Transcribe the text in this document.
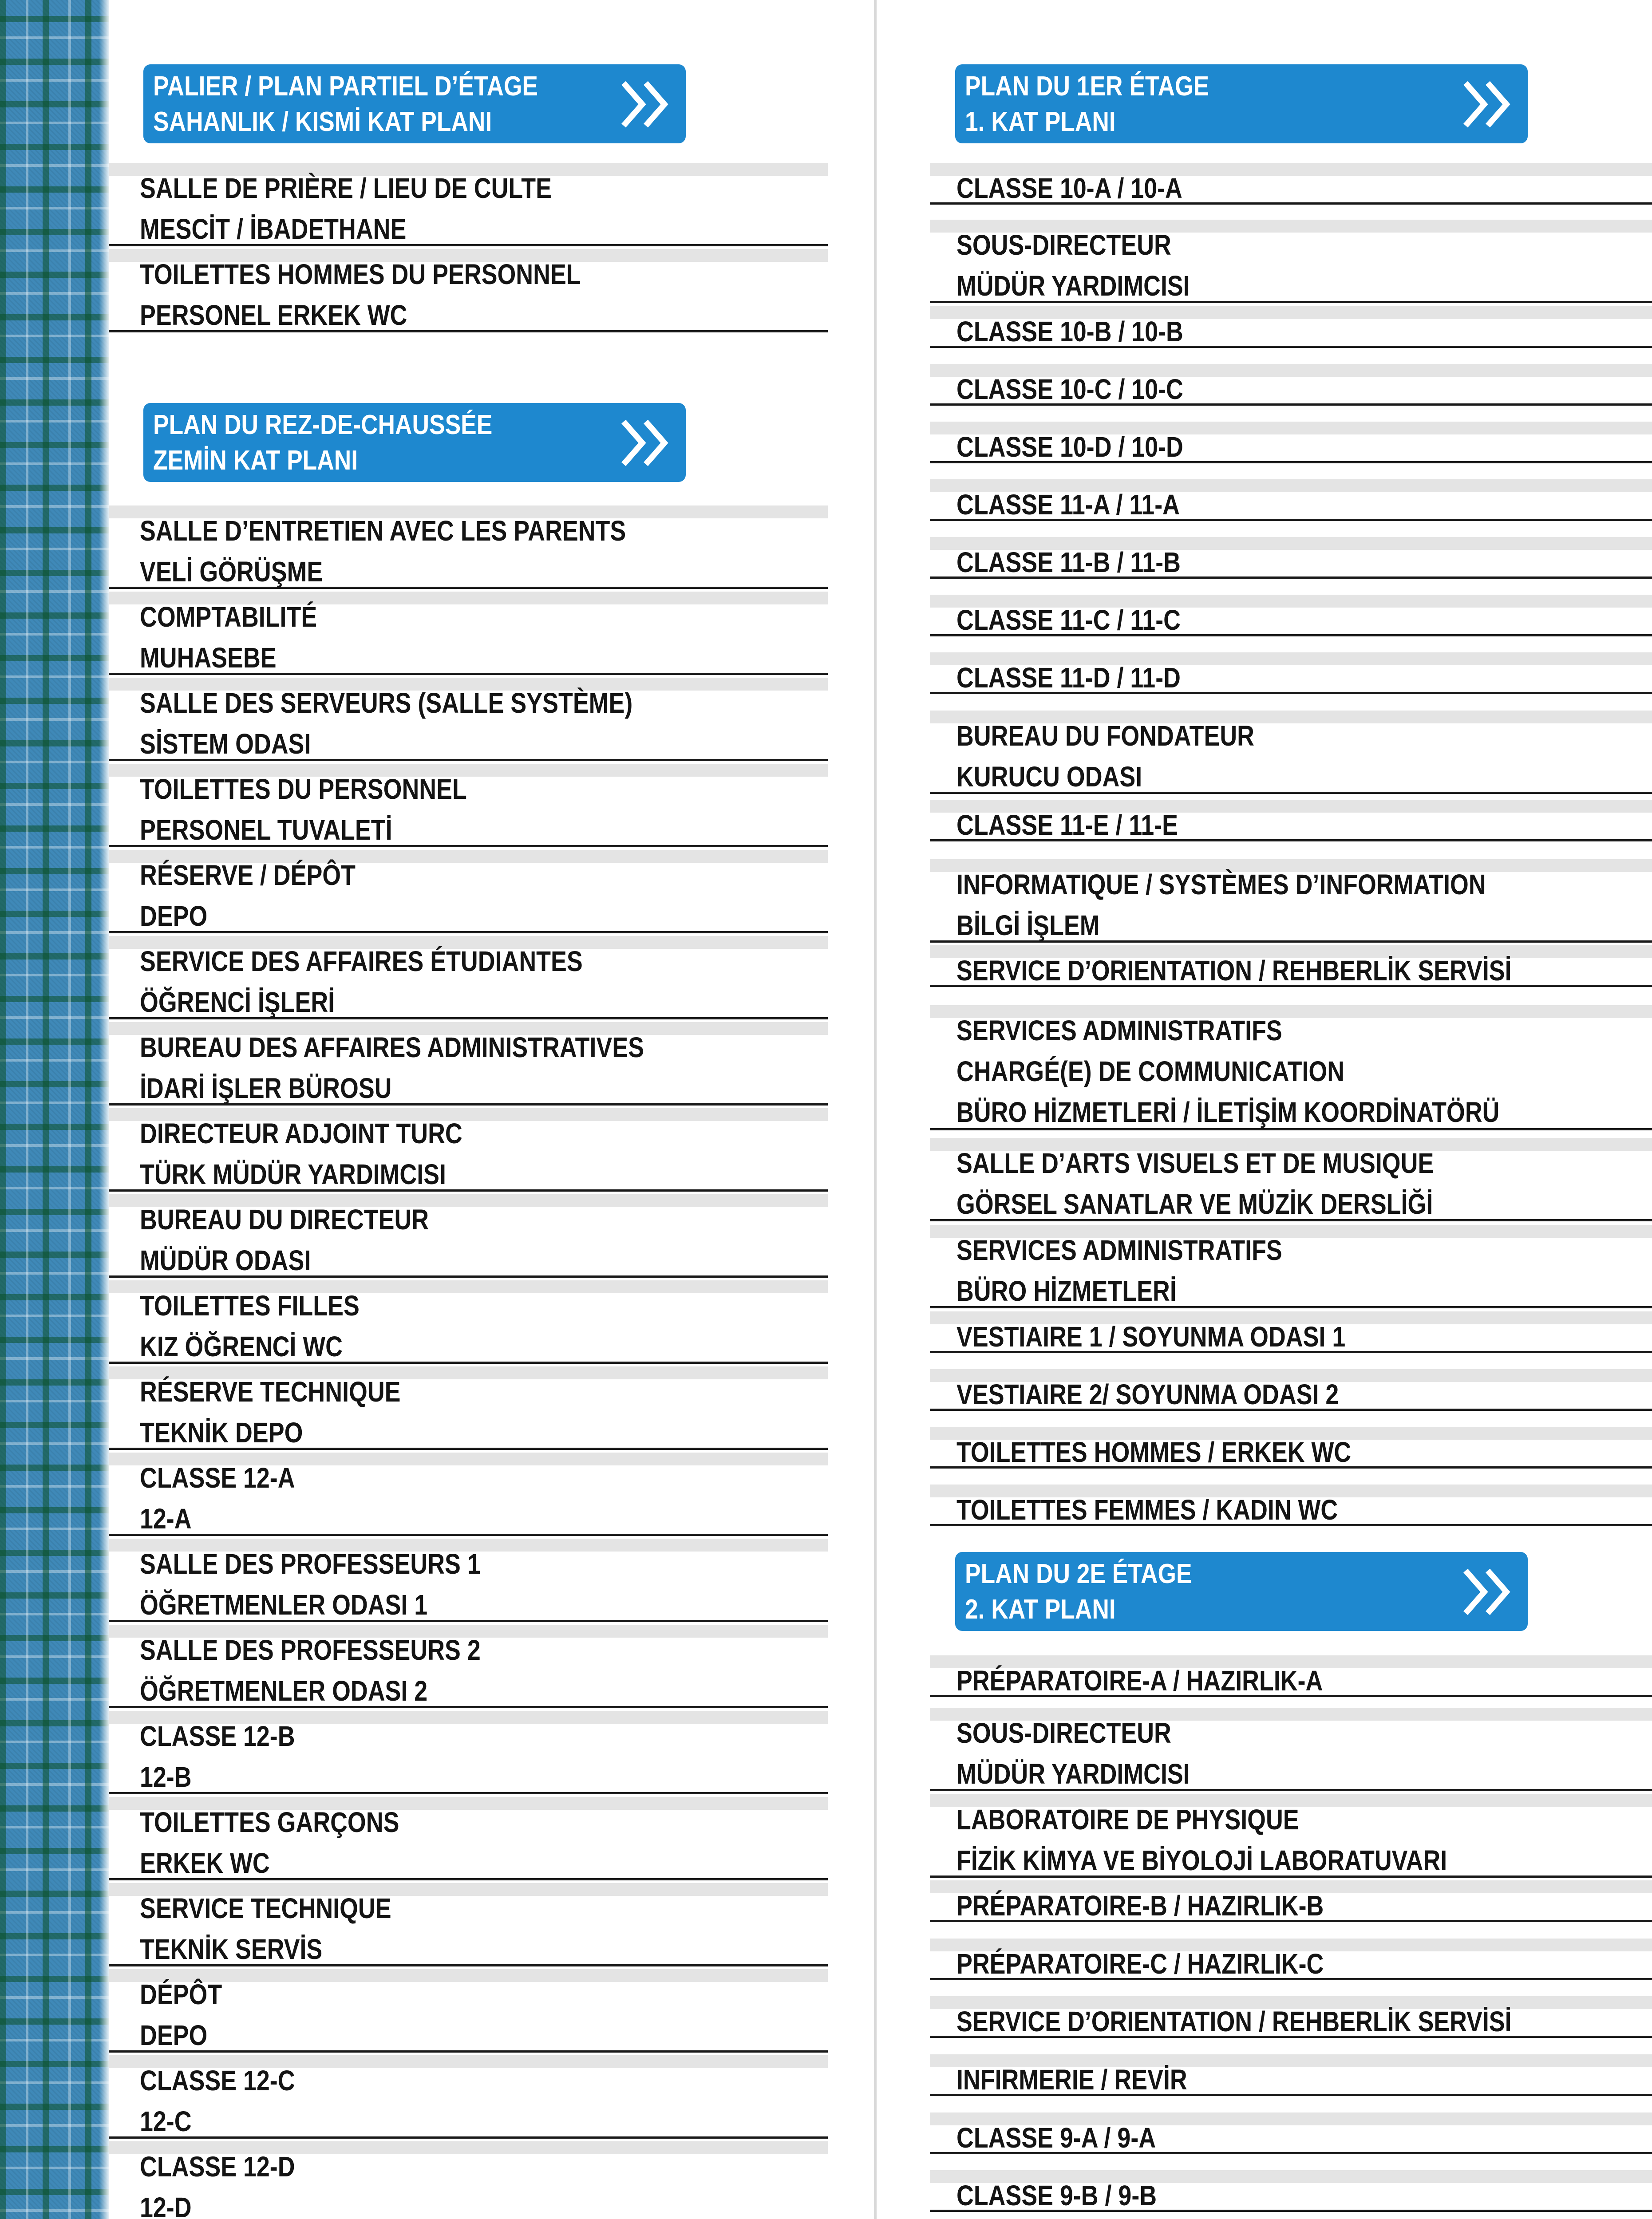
PALIER / PLAN PARTIEL D’ÉTAGE
SAHANLIK / KISMİ KAT PLANI
SALLE DE PRIÈRE / LIEU DE CULTE
MESCİT / İBADETHANE
TOILETTES HOMMES DU PERSONNEL
PERSONEL ERKEK WC
PLAN DU REZ-DE-CHAUSSÉE
ZEMİN KAT PLANI
SALLE D’ENTRETIEN AVEC LES PARENTS
VELİ GÖRÜŞME
COMPTABILITÉ
MUHASEBE
SALLE DES SERVEURS (SALLE SYSTÈME)
SİSTEM ODASI
TOILETTES DU PERSONNEL
PERSONEL TUVALETİ
RÉSERVE / DÉPÔT
DEPO
SERVICE DES AFFAIRES ÉTUDIANTES
ÖĞRENCİ İŞLERİ
BUREAU DES AFFAIRES ADMINISTRATIVES
İDARİ İŞLER BÜROSU
DIRECTEUR ADJOINT TURC
TÜRK MÜDÜR YARDIMCISI
BUREAU DU DIRECTEUR
MÜDÜR ODASI
TOILETTES FILLES
KIZ ÖĞRENCİ WC
RÉSERVE TECHNIQUE
TEKNİK DEPO
CLASSE 12-A
12-A
SALLE DES PROFESSEURS 1
ÖĞRETMENLER ODASI 1
SALLE DES PROFESSEURS 2
ÖĞRETMENLER ODASI 2
CLASSE 12-B
12-B
TOILETTES GARÇONS
ERKEK WC
SERVICE TECHNIQUE
TEKNİK SERVİS
DÉPÔT
DEPO
CLASSE 12-C
12-C
CLASSE 12-D
12-D
PLAN DU 1ER ÉTAGE
1. KAT PLANI
CLASSE 10-A / 10-A
SOUS-DIRECTEUR
MÜDÜR YARDIMCISI
CLASSE 10-B / 10-B
CLASSE 10-C / 10-C
CLASSE 10-D / 10-D
CLASSE 11-A / 11-A
CLASSE 11-B / 11-B
CLASSE 11-C / 11-C
CLASSE 11-D / 11-D
BUREAU DU FONDATEUR
KURUCU ODASI
CLASSE 11-E / 11-E
INFORMATIQUE / SYSTÈMES D’INFORMATION
BİLGİ İŞLEM
SERVICE D’ORIENTATION / REHBERLİK SERVİSİ
SERVICES ADMINISTRATIFS
CHARGÉ(E) DE COMMUNICATION
BÜRO HİZMETLERİ / İLETİŞİM KOORDİNATÖRÜ
SALLE D’ARTS VISUELS ET DE MUSIQUE
GÖRSEL SANATLAR VE MÜZİK DERSLİĞİ
SERVICES ADMINISTRATIFS
BÜRO HİZMETLERİ
VESTIAIRE 1 / SOYUNMA ODASI 1
VESTIAIRE 2/ SOYUNMA ODASI 2
TOILETTES HOMMES / ERKEK WC
TOILETTES FEMMES / KADIN WC
PLAN DU 2E ÉTAGE
2. KAT PLANI
PRÉPARATOIRE-A / HAZIRLIK-A
SOUS-DIRECTEUR
MÜDÜR YARDIMCISI
LABORATOIRE DE PHYSIQUE
FİZİK KİMYA VE BİYOLOJİ LABORATUVARI
PRÉPARATOIRE-B / HAZIRLIK-B
PRÉPARATOIRE-C / HAZIRLIK-C
SERVICE D’ORIENTATION / REHBERLİK SERVİSİ
INFIRMERIE / REVİR
CLASSE 9-A / 9-A
CLASSE 9-B / 9-B
